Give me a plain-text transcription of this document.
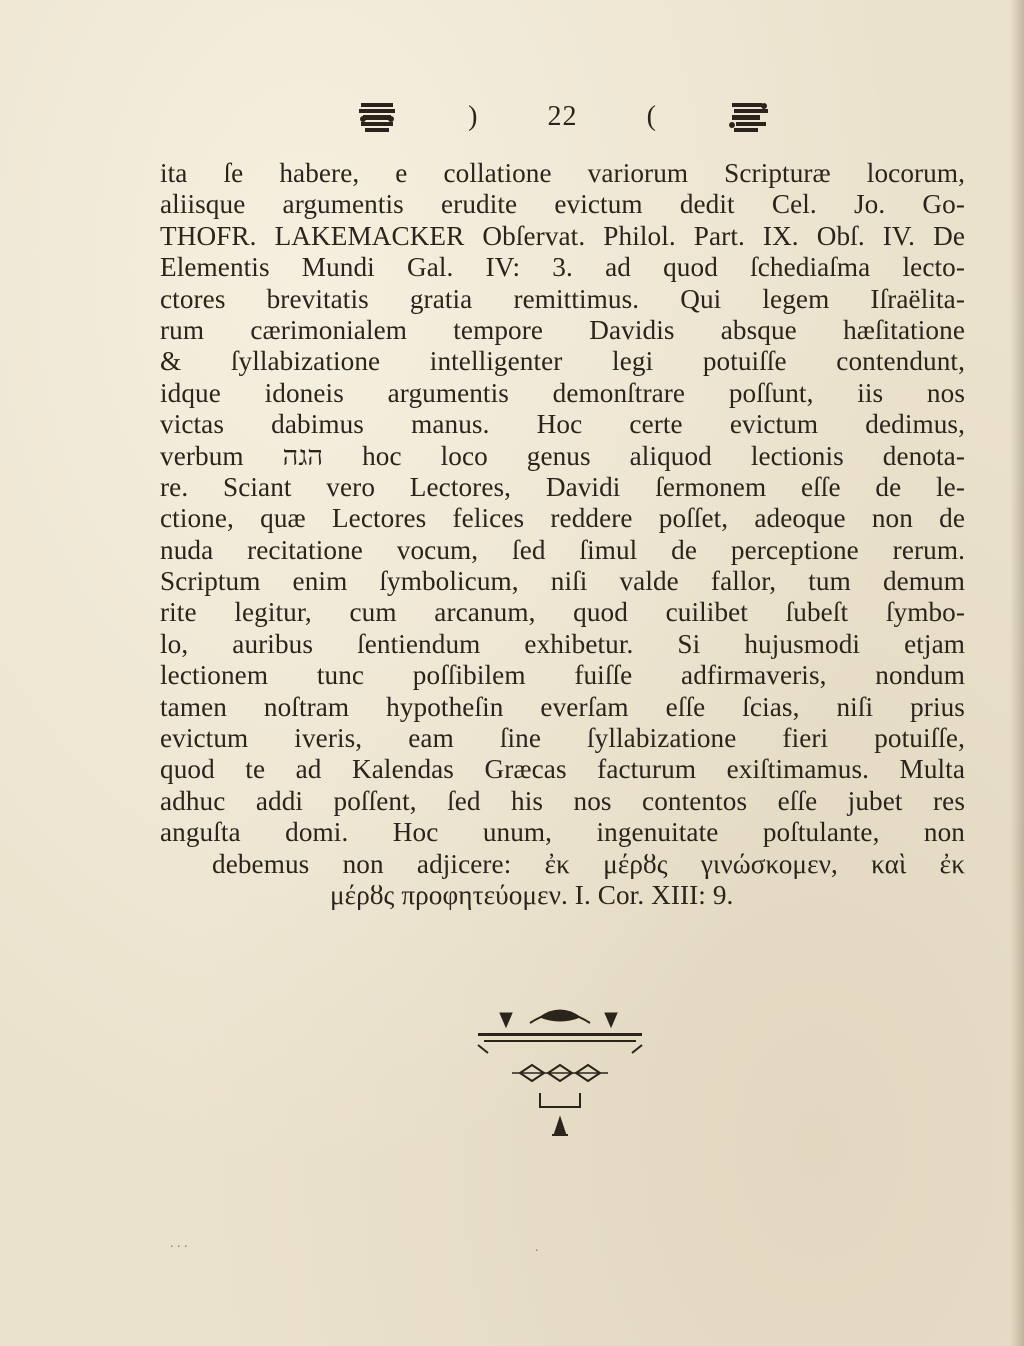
) 22 (
ita ſe habere, e collatione variorum Scripturæ locorum,
aliisque argumentis erudite evictum dedit Cel. Jo. Go-
THOFR. LAKEMACKER Obſervat. Philol. Part. IX. Obſ. IV. De
Elementis Mundi Gal. IV: 3. ad quod ſchediaſma lecto-
ctores brevitatis gratia remittimus. Qui legem Iſraëlita-
rum cærimonialem tempore Davidis absque hæſitatione
& ſyllabizatione intelligenter legi potuiſſe contendunt,
idque idoneis argumentis demonſtrare poſſunt, iis nos
victas dabimus manus. Hoc certe evictum dedimus,
verbum הגה hoc loco genus aliquod lectionis denota-
re. Sciant vero Lectores, Davidi ſermonem eſſe de le-
ctione, quæ Lectores felices reddere poſſet, adeoque non de
nuda recitatione vocum, ſed ſimul de perceptione rerum.
Scriptum enim ſymbolicum, niſi valde fallor, tum demum
rite legitur, cum arcanum, quod cuilibet ſubeſt ſymbo-
lo, auribus ſentiendum exhibetur. Si hujusmodi etjam
lectionem tunc poſſibilem fuiſſe adfirmaveris, nondum
tamen noſtram hypotheſin everſam eſſe ſcias, niſi prius
evictum iveris, eam ſine ſyllabizatione fieri potuiſſe,
quod te ad Kalendas Græcas facturum exiſtimamus. Multa
adhuc addi poſſent, ſed his nos contentos eſſe jubet res
anguſta domi. Hoc unum, ingenuitate poſtulante, non
debemus non adjicere: ἐκ μέρȣς γινώσκομεν, καὶ ἐκ
μέρȣς προφητεύομεν. I. Cor. XIII: 9.
. . .	.
